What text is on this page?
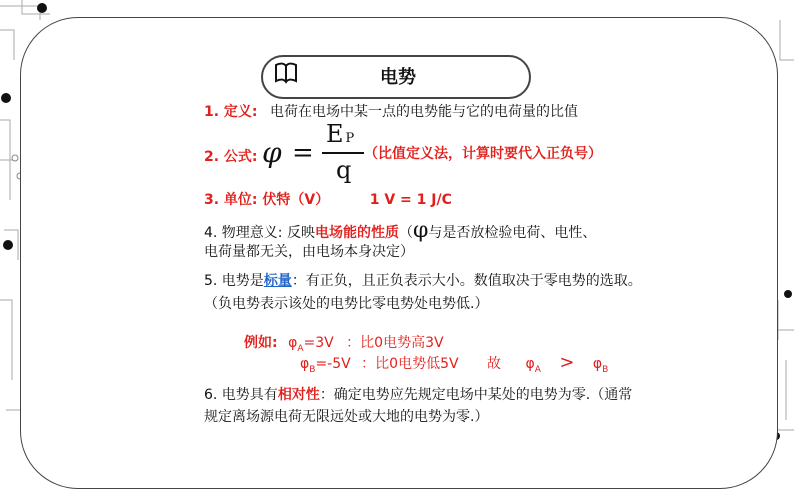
电势
1. 定义: 电荷在电场中某一点的电势能与它的电荷量的比值
2. 公式: φ =
E P
q
（比值定义法，计算时要代入正负号）
3. 单位: 伏特（V）	1 V = 1 J/C
4. 物理意义: 反映电场能的性质（φ与是否放检验电荷、电性、
电荷量都无关，由电场本身决定）
5. 电势是标量：有正负，且正负表示大小。数值取决于零电势的选取。
（负电势表示该处的电势比零电势处电势低.）
例如: $\varphi_A=3V$ ：比0电势高3V
$\varphi_B=-5V$ ：比0电势低5V 故 $\varphi_A > \varphi_B$
6. 电势具有相对性：确定电势应先规定电场中某处的电势为零.（通常
规定离场源电荷无限远处或大地的电势为零.）
